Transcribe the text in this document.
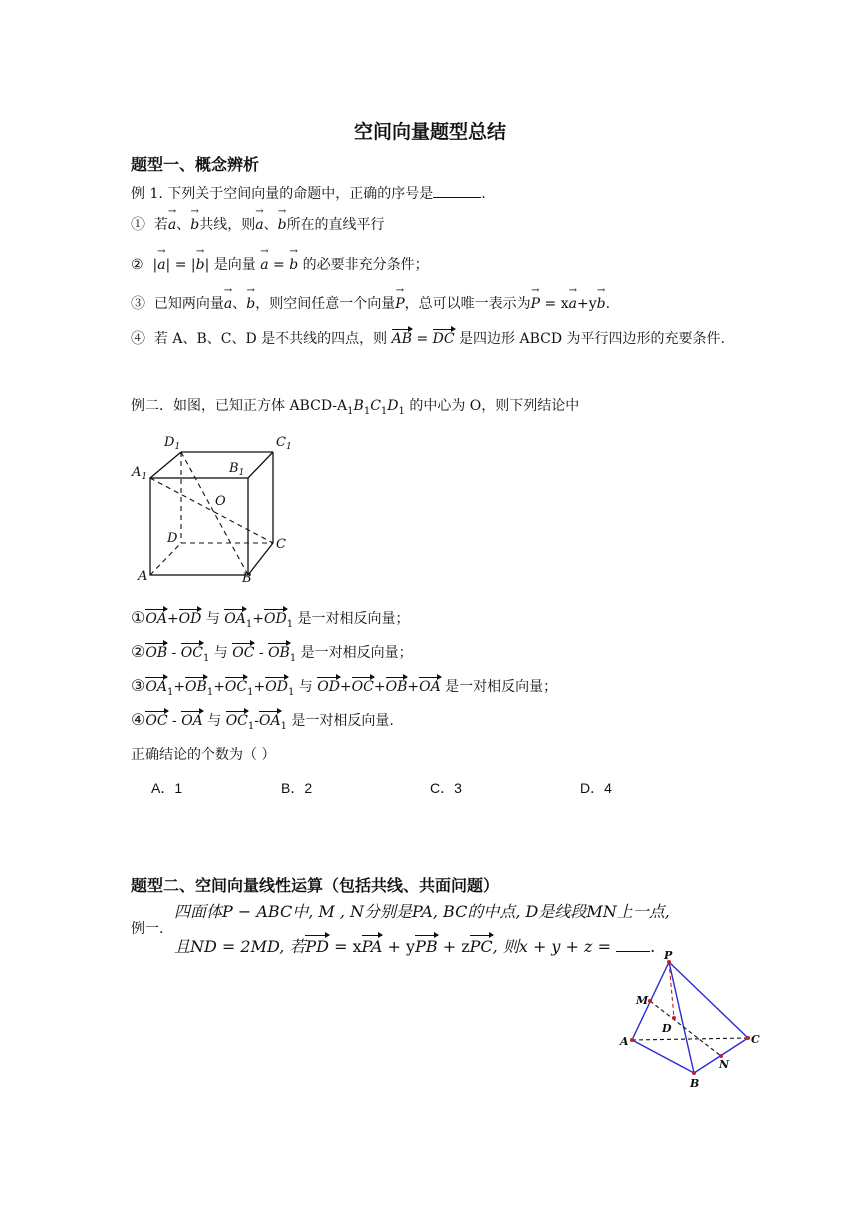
空间向量题型总结
题型一、概念辨析
例 1. 下列关于空间向量的命题中，正确的序号是	.
① 若→ a、→ b共线，则→ a、→ b所在的直线平行
② |→ a| = |→ b| 是向量 → a = → b 的必要非充分条件；
③ 已知两向量→ a、→ b，则空间任意一个向量→ P，总可以唯一表示为→ P = x→ a+y→ b.
④ 若 A、B、C、D 是不共线的四点，则 AB = DC 是四边形 ABCD 为平行四边形的充要条件.
例二．如图，已知正方体 ABCD-$A_1B_1C_1D_1$ 的中心为 O，则下列结论中
$D_1$	$C_1$
$A_1$
$B_1$
O
D	C
A	B
①OA+OD 与 $OA_1+OD_1$ 是一对相反向量；
②OB - $OC_1$ 与 OC - $OB_1$ 是一对相反向量；
$③OA_1+OB_1+OC_1+OD_1$ 与 OD+OC+OB+OA 是一对相反向量；
④OC - OA 与 $OC_1-OA_1$ 是一对相反向量.
正确结论的个数为（ ）
A．1	B．2	C．3	D．4
题型二、空间向量线性运算（包括共线、共面问题）
例一.
四面体P − ABC中, M , N分别是PA, BC的中点, D是线段MN上一点,
且ND = 2MD, 若PD = xPA + yPB + zPC, 则x + y + z = . P
M
D
A	C
N
B
